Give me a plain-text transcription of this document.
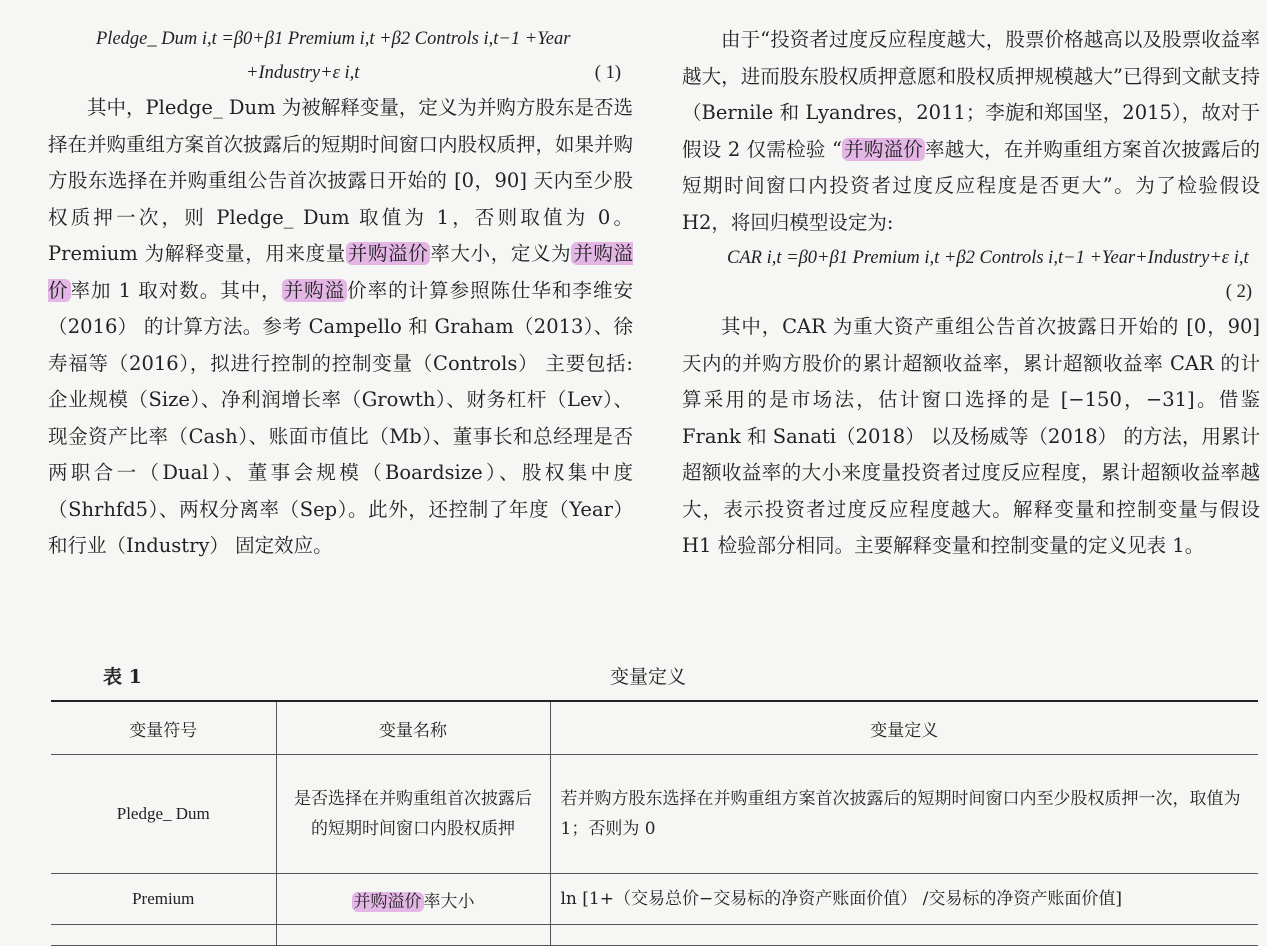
Pledge_ Dum i,t =β0+β1 Premium i,t +β2 Controls i,t−1 +Year
+Industry+ε i,t	( 1)

其中，Pledge_ Dum 为被解释变量，定义为并购方股东是否选择在并购重组方案首次披露后的短期时间窗口内股权质押，如果并购方股东选择在并购重组公告首次披露日开始的 [0，90] 天内至少股权质押一次，则 Pledge_ Dum 取值为 1，否则取值为 0。Premium 为解释变量，用来度量 并购溢价 率大小，定义为 并购溢价 率加 1 取对数。其中， 并购溢 价率的计算参照陈仕华和李维安（2016） 的计算方法。参考 Campello 和 Graham（2013）、徐寿福等（2016），拟进行控制的控制变量（Controls） 主要包括: 企业规模（Size）、净利润增长率（Growth）、财务杠杆（Lev）、现金资产比率（Cash）、账面市值比（Mb）、董事长和总经理是否两职合一（Dual）、董事会规模（Boardsize）、股权集中度（Shrhfd5）、两权分离率（Sep）。此外，还控制了年度（Year） 和行业（Industry） 固定效应。

由于“投资者过度反应程度越大，股票价格越高以及股票收益率越大，进而股东股权质押意愿和股权质押规模越大”已得到文献支持（Bernile 和 Lyandres，2011；李旎和郑国坚，2015），故对于假设 2 仅需检验 “ 并购溢价 率越大，在并购重组方案首次披露后的短期时间窗口内投资者过度反应程度是否更大”。为了检验假设 H2，将回归模型设定为:

CAR i,t =β0+β1 Premium i,t +β2 Controls i,t−1 +Year+Industry+ε i,t
( 2)

其中，CAR 为重大资产重组公告首次披露日开始的 [0，90] 天内的并购方股价的累计超额收益率，累计超额收益率 CAR 的计算采用的是市场法，估计窗口选择的是 [−150，−31]。借鉴 Frank 和 Sanati（2018） 以及杨威等（2018） 的方法，用累计超额收益率的大小来度量投资者过度反应程度，累计超额收益率越大，表示投资者过度反应程度越大。解释变量和控制变量与假设 H1 检验部分相同。主要解释变量和控制变量的定义见表 1。

表 1	变量定义
变量符号	变量名称	变量定义
Pledge_ Dum	是否选择在并购重组首次披露后的短期时间窗口内股权质押	若并购方股东选择在并购重组方案首次披露后的短期时间窗口内至少股权质押一次，取值为 1；否则为 0
Premium	并购溢价 率大小	ln [1+（交易总价−交易标的净资产账面价值） /交易标的净资产账面价值]
